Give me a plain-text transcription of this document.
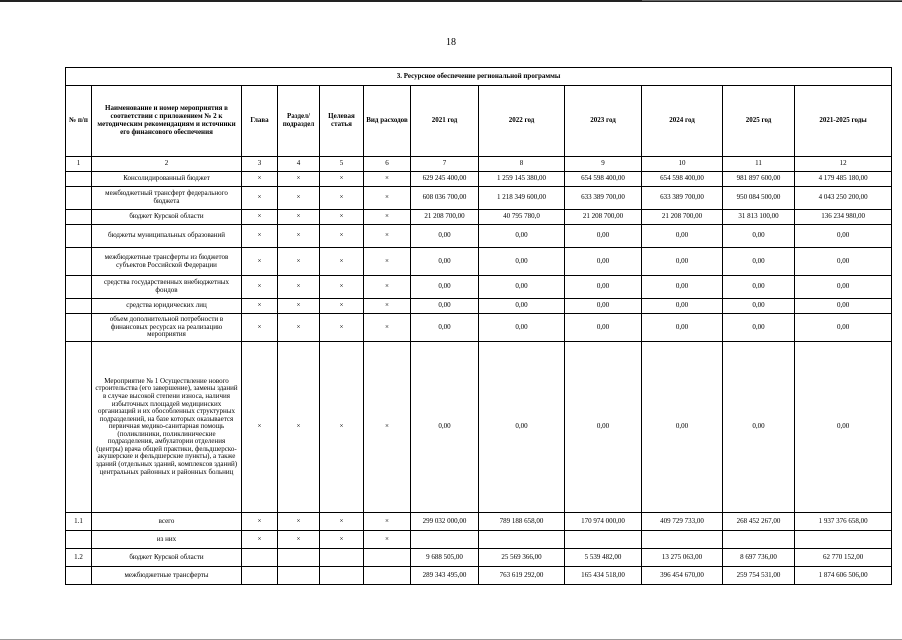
18
3. Ресурсное обеспечение региональной программы											
№ п/п	Наименование и номер мероприятия в соответствии с приложением № 2 к методическим рекомендациям и источники его финансового обеспечения	Глава	Раздел/ подраздел	Целевая статья	Вид расходов	2021 год	2022 год	2023 год	2024 год	2025 год	2021-2025 годы
1	2	3	4	5	6	7	8	9	10	11	12
	Консолидированный бюджет	×	×	×	×	629 245 400,00	1 259 145 380,00	654 598 400,00	654 598 400,00	981 897 600,00	4 179 485 180,00
	межбюджетный трансферт федерального бюджета	×	×	×	×	608 036 700,00	1 218 349 600,00	633 389 700,00	633 389 700,00	950 084 500,00	4 043 250 200,00
	бюджет Курской области	×	×	×	×	21 208 700,00	40 795 780,0	21 208 700,00	21 208 700,00	31 813 100,00	136 234 980,00
	бюджеты муниципальных образований	×	×	×	×	0,00	0,00	0,00	0,00	0,00	0,00
	межбюджетные трансферты из бюджетов субъектов Российской Федерации	×	×	×	×	0,00	0,00	0,00	0,00	0,00	0,00
	средства государственных внебюджетных фондов	×	×	×	×	0,00	0,00	0,00	0,00	0,00	0,00
	средства юридических лиц	×	×	×	×	0,00	0,00	0,00	0,00	0,00	0,00
	объем дополнительной потребности в финансовых ресурсах на реализацию мероприятия	×	×	×	×	0,00	0,00	0,00	0,00	0,00	0,00
	Мероприятие № 1 Осуществление нового строительства (его завершение), замены зданий в случае высокой степени износа, наличия избыточных площадей медицинских организаций и их обособленных структурных подразделений, на базе которых оказывается первичная медико-санитарная помощь (поликлиники, поликлинические подразделения, амбулатории отделения (центры) врача общей практики, фельдшерско-акушерские и фельдшерские пункты), а также зданий (отдельных зданий, комплексов зданий) центральных районных и районных больниц	×	×	×	×	0,00	0,00	0,00	0,00	0,00	0,00
1.1	всего	×	×	×	×	299 032 000,00	789 188 658,00	170 974 000,00	409 729 733,00	268 452 267,00	1 937 376 658,00
	из них	×	×	×	×						
1.2	бюджет Курской области					9 688 505,00	25 569 366,00	5 539 482,00	13 275 063,00	8 697 736,00	62 770 152,00
	межбюджетные трансферты					289 343 495,00	763 619 292,00	165 434 518,00	396 454 670,00	259 754 531,00	1 874 606 506,00
